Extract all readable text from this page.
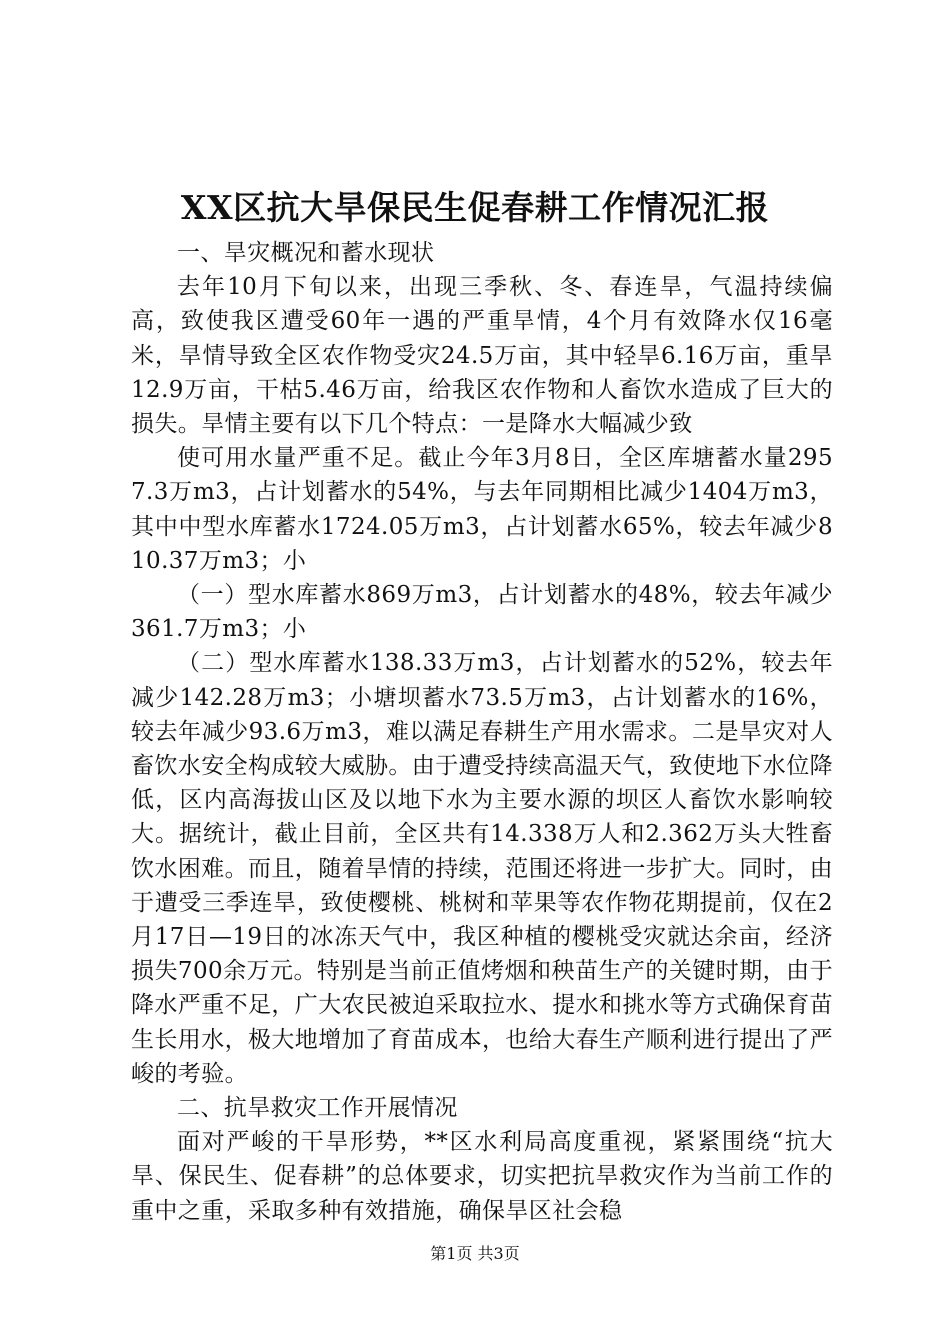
XX区抗大旱保民生促春耕工作情况汇报

一、旱灾概况和蓄水现状

去年10月下旬以来，出现三季秋、冬、春连旱，气温持续偏高，致使我区遭受60年一遇的严重旱情，4个月有效降水仅16毫米，旱情导致全区农作物受灾24.5万亩，其中轻旱6.16万亩，重旱12.9万亩，干枯5.46万亩，给我区农作物和人畜饮水造成了巨大的损失。旱情主要有以下几个特点：一是降水大幅减少致

使可用水量严重不足。截止今年3月8日，全区库塘蓄水量2957.3万m3，占计划蓄水的54%，与去年同期相比减少1404万m3，其中中型水库蓄水1724.05万m3，占计划蓄水65%，较去年减少810.37万m3；小

（一）型水库蓄水869万m3，占计划蓄水的48%，较去年减少361.7万m3；小

（二）型水库蓄水138.33万m3，占计划蓄水的52%，较去年减少142.28万m3；小塘坝蓄水73.5万m3，占计划蓄水的16%，较去年减少93.6万m3，难以满足春耕生产用水需求。二是旱灾对人畜饮水安全构成较大威胁。由于遭受持续高温天气，致使地下水位降低，区内高海拔山区及以地下水为主要水源的坝区人畜饮水影响较大。据统计，截止目前，全区共有14.338万人和2.362万头大牲畜饮水困难。而且，随着旱情的持续，范围还将进一步扩大。同时，由于遭受三季连旱，致使樱桃、桃树和苹果等农作物花期提前，仅在2月17日—19日的冰冻天气中，我区种植的樱桃受灾就达余亩，经济损失700余万元。特别是当前正值烤烟和秧苗生产的关键时期，由于降水严重不足，广大农民被迫采取拉水、提水和挑水等方式确保育苗生长用水，极大地增加了育苗成本，也给大春生产顺利进行提出了严峻的考验。

二、抗旱救灾工作开展情况

面对严峻的干旱形势，**区水利局高度重视，紧紧围绕“抗大旱、保民生、促春耕”的总体要求，切实把抗旱救灾作为当前工作的重中之重，采取多种有效措施，确保旱区社会稳

第1页 共3页
